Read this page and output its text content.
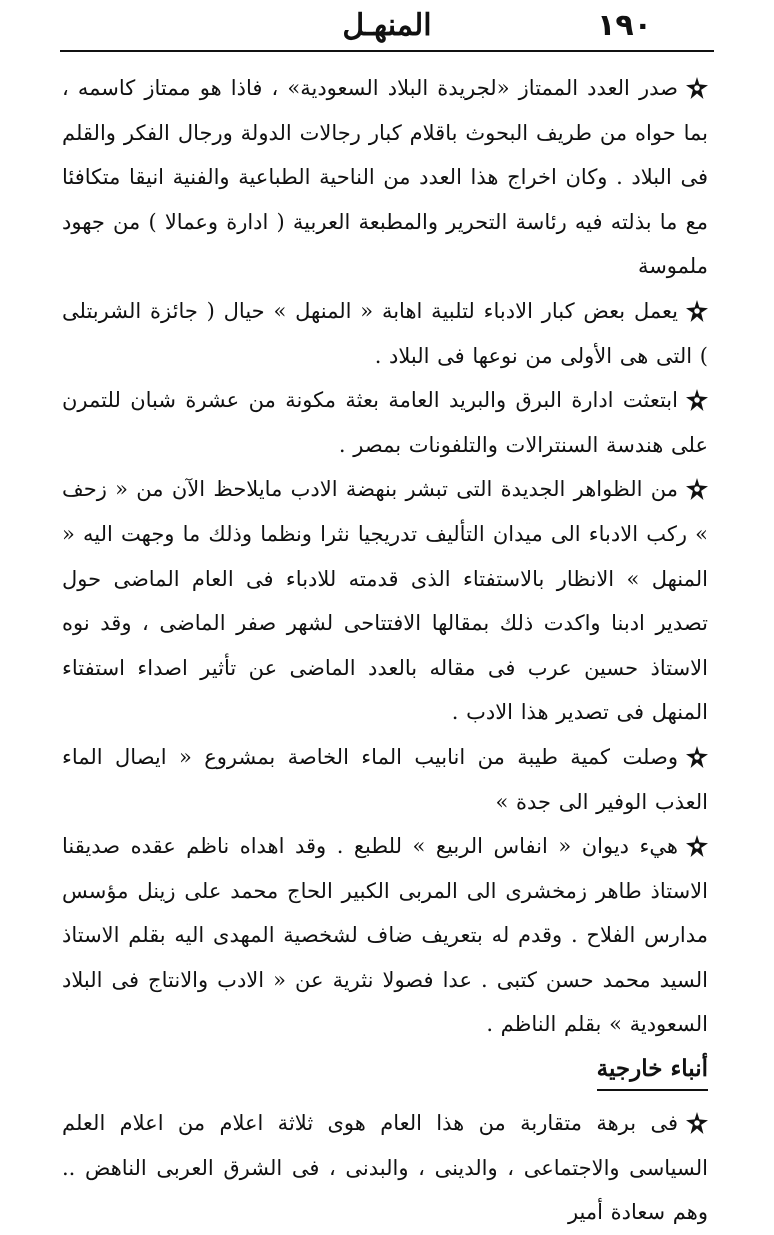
١٩٠
المنهـل

صدر العدد الممتاز «لجريدة البلاد السعودية» ، فاذا هو ممتاز كاسمه ، بما حواه من طريف البحوث باقلام كبار رجالات الدولة ورجال الفكر والقلم فى البلاد . وكان اخراج هذا العدد من الناحية الطباعية والفنية انيقا متكافئا مع ما بذلته فيه رئاسة التحرير والمطبعة العربية ( ادارة وعمالا ) من جهود ملموسة

يعمل بعض كبار الادباء لتلبية اهابة « المنهل » حيال ( جائزة الشربتلى ) التى هى الأولى من نوعها فى البلاد .

ابتعثت ادارة البرق والبريد العامة بعثة مكونة من عشرة شبان للتمرن على هندسة السنترالات والتلفونات بمصر .

من الظواهر الجديدة التى تبشر بنهضة الادب مايلاحظ الآن من « زحف » ركب الادباء الى ميدان التأليف تدريجيا نثرا ونظما وذلك ما وجهت اليه « المنهل » الانظار بالاستفتاء الذى قدمته للادباء فى العام الماضى حول تصدير ادبنا واكدت ذلك بمقالها الافتتاحى لشهر صفر الماضى ، وقد نوه الاستاذ حسين عرب فى مقاله بالعدد الماضى عن تأثير اصداء استفتاء المنهل فى تصدير هذا الادب .

وصلت كمية طيبة من انابيب الماء الخاصة بمشروع « ايصال الماء العذب الوفير الى جدة »

هيء ديوان « انفاس الربيع » للطبع . وقد اهداه ناظم عقده صديقنا الاستاذ طاهر زمخشرى الى المربى الكبير الحاج محمد على زينل مؤسس مدارس الفلاح . وقدم له بتعريف ضاف لشخصية المهدى اليه بقلم الاستاذ السيد محمد حسن كتبى . عدا فصولا نثرية عن « الادب والانتاج فى البلاد السعودية » بقلم الناظم .

أنباء خارجية

فى برهة متقاربة من هذا العام هوى ثلاثة اعلام من اعلام العلم السياسى والاجتماعى ، والدينى ، والبدنى ، فى الشرق العربى الناهض .. وهم سعادة أمير
